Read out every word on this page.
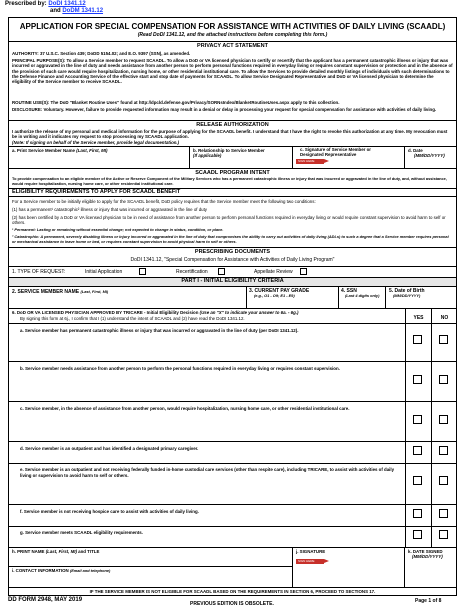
Prescribed by: DoDI 1341.12
and DoDM 1341.12
APPLICATION FOR SPECIAL COMPENSATION FOR ASSISTANCE WITH ACTIVITIES OF DAILY LIVING (SCAADL)
(Read DoDI 1341.12, and the attached instructions before completing this form.)
PRIVACY ACT STATEMENT
AUTHORITY: 37 U.S.C. Section 439; DoDD 5154.02; and E.O. 9397 (SSN), as amended.
PRINCIPAL PURPOSE(S): To allow a Service member to request SCAADL. To allow a DoD or VA licensed physician to certify or recertify that the applicant has a permanent catastrophic illness or injury that was incurred or aggravated in the line of duty and needs assistance from another person to perform personal functions required in everyday living or requires constant supervision or protection and in the absence of the provision of such care would require hospitalization, nursing home, or other residential institutional care. To allow the Services to provide detailed monthly listings of individuals with such determinations to the Defense Finance and Accounting Service of the effective start and stop date of payments for SCAADL. To allow Service Designated Representative and DoD or VA licensed physician to determine the eligibility of the Service member to receive SCAADL.
ROUTINE USE(S): The DoD "Blanket Routine Uses" found at http://dpcld.defense.gov/Privacy/SORNsIndex/BlanketRoutineUses.aspx apply to this collection.
DISCLOSURE: Voluntary. However, failure to provide requested information may result in a denial or delay in processing your request for special compensation for assistance with activities of daily living.
RELEASE AUTHORIZATION
I authorize the release of my personal and medical information for the purpose of applying for the SCAADL benefit. I understand that I have the right to revoke this authorization at any time. My revocation must be in writing and it indicates my request to stop processing my SCAADL application.
(Note: If signing on behalf of the Service member, provide legal documentation.)
a. Print Service Member Name (Last, First, MI)	b. Relationship to Service Member
(If applicable)
c. Signature of Service Member or Designated Representative
SIGN HERE
d. Date
(MM/DD/YYYY)
SCAADL PROGRAM INTENT
To provide compensation to an eligible member of the Active or Reserve Component of the Military Services who has a permanent catastrophic illness or injury that was incurred or aggravated in the line of duty, and, without assistance, would require hospitalization, nursing home care, or other residential institutional care.
ELIGIBILITY REQUIREMENTS TO APPLY FOR SCAADL BENEFIT
For a Service member to be initially eligible to apply for the SCAADL benefit, DoD policy requires that the Service member meet the following two conditions:
(1) has a permanent¹ catastrophic² illness or injury that was incurred or aggravated in the line of duty
(2) has been certified by a DoD or VA licensed physician to be in need of assistance from another person to perform personal functions required in everyday living or would require constant supervision to avoid harm to self or others.
¹ Permanent: Lasting or remaining without essential change; not expected to change in status, condition, or place.
² Catastrophic: A permanent, severely disabling illness or injury incurred or aggravated in the line of duty that compromises the ability to carry out activities of daily living (ADLs) to such a degree that a Service member requires personal or mechanical assistance to leave home or bed, or requires constant supervision to avoid physical harm to self or others.
PRESCRIBING DOCUMENTS
DoDI 1341.12, "Special Compensation for Assistance with Activities of Daily Living Program"
1. TYPE OF REQUEST:	Initial Application	Recertification	Appellate Review
PART I - INITIAL ELIGIBILITY CRITERIA
2. SERVICE MEMBER NAME (Last, First, MI)	3. CURRENT PAY GRADE
(e.g., O1 - O9; E1 - E9)
4. SSN
(Last 4 digits only)
5. Date of Birth
(MM/DD/YYYY)
6. DoD OR VA LICENSED PHYSICIAN APPROVED BY TRICARE - Initial Eligibility Decision (Use an "X" to indicate your answer to 6a. - 6g.)
By signing this form at 6j., I confirm that I (1) understand the intent of SCAADL and (2) have read the DoDI 1341.12.	YES	NO
h. PRINT NAME (Last, First, MI) and TITLE	j. SIGNATURE
SIGN HERE
k. DATE SIGNED
(MM/DD/YYYY)
i. CONTACT INFORMATION (Email and telephone)
IF THE SERVICE MEMBER IS NOT ELIGIBLE FOR SCAADL BASED ON THE REQUIREMENTS IN SECTION 6, PROCEED TO SECTIONS 17.
a. Service member has permanent catastrophic illness or injury that was incurred or aggravated in the line of duty (per DoDI 1341.12).
b. Service member needs assistance from another person to perform the personal functions required in everyday living or requires constant supervision.
c. Service member, in the absence of assistance from another person, would require hospitalization, nursing home care, or other residential institutional care.
d. Service member is an outpatient and has identified a designated primary caregiver.
e. Service member is an outpatient and not receiving federally funded in-home custodial care services (other than respite care), including TRICARE, to assist with activities of daily living or supervision to avoid harm to self or others.
f. Service member is not receiving hospice care to assist with activities of daily living.
g. Service member meets SCAADL eligibility requirements.
DD FORM 2948, MAY 2019
PREVIOUS EDITION IS OBSOLETE.	Page 1 of 8
